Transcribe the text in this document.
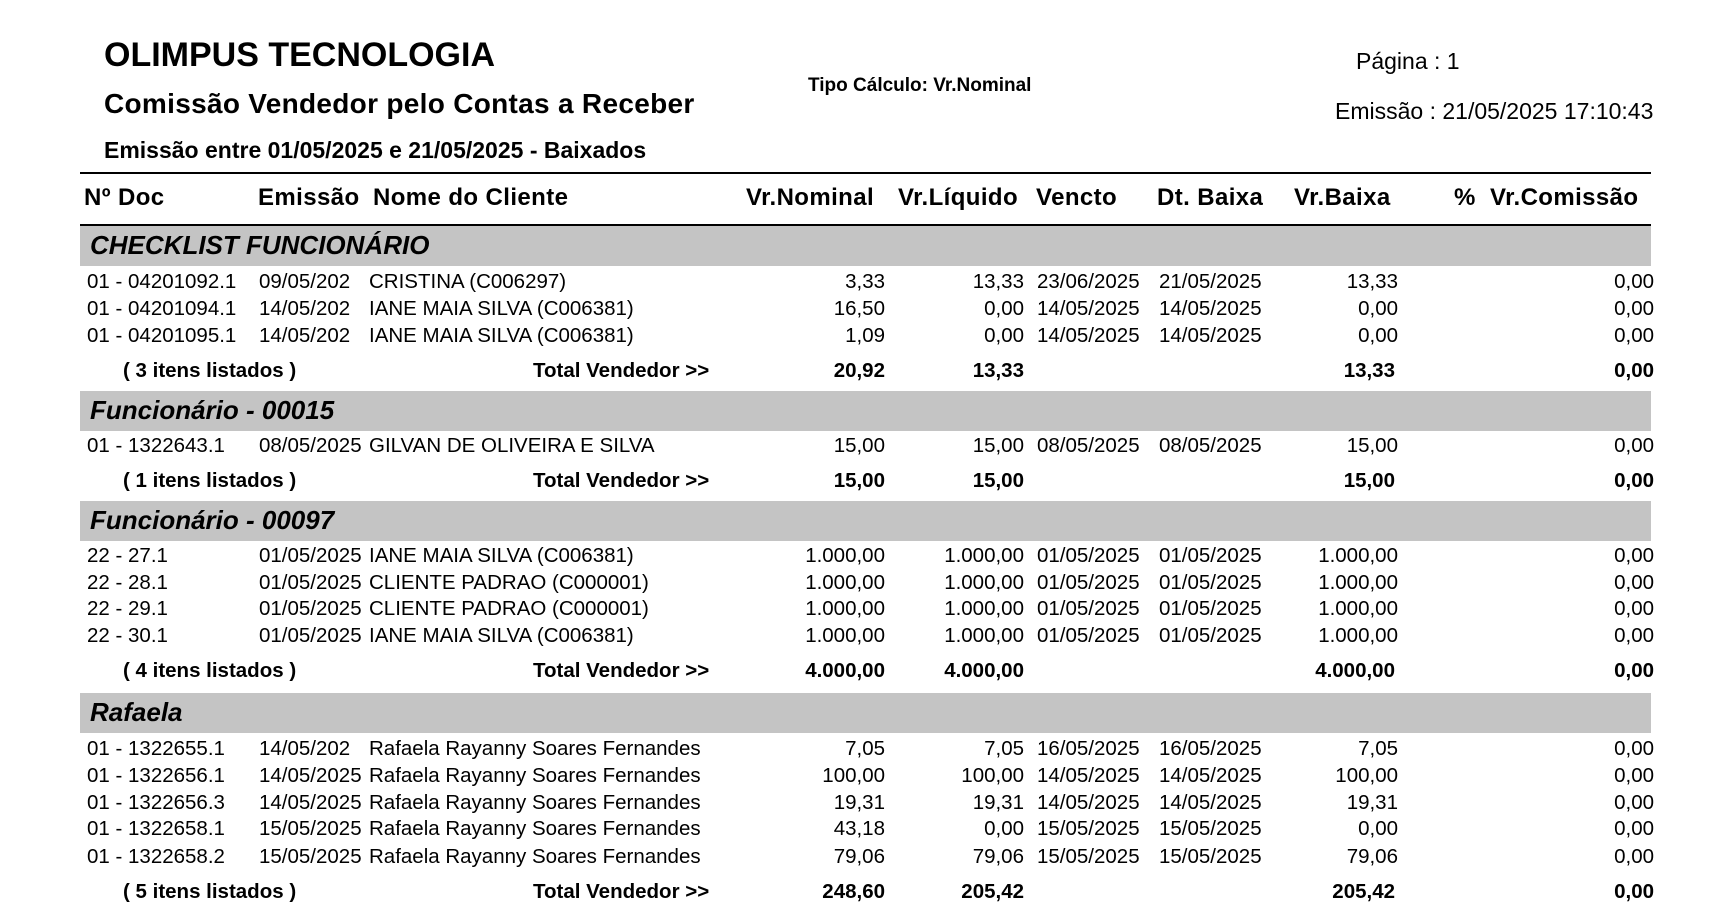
OLIMPUS TECNOLOGIA
Comissão Vendedor pelo Contas a Receber
Emissão entre 01/05/2025 e 21/05/2025 - Baixados
Tipo Cálculo: Vr.Nominal
Página : 1
Emissão : 21/05/2025 17:10:43
Nº Doc	Emissão Nome do Cliente	Vr.Nominal Vr.Líquido Vencto Dt. Baixa Vr.Baixa	% Vr.Comissão
CHECKLIST FUNCIONÁRIO
01 - 04201092.1 09/05/202 CRISTINA (C006297)	3,33	13,33 23/06/2025 21/05/2025	13,33	0,00
01 - 04201094.1 14/05/202 IANE MAIA SILVA (C006381)	16,50	0,00 14/05/2025 14/05/2025	0,00	0,00
01 - 04201095.1 14/05/202 IANE MAIA SILVA (C006381)	1,09	0,00 14/05/2025 14/05/2025	0,00	0,00
( 3 itens listados )	Total Vendedor >>	20,92	13,33	13,33	0,00
Funcionário - 00015
01 - 1322643.1 08/05/2025 GILVAN DE OLIVEIRA E SILVA	15,00	15,00 08/05/2025 08/05/2025	15,00	0,00
( 1 itens listados )	Total Vendedor >>	15,00	15,00	15,00	0,00
Funcionário - 00097
22 - 27.1	01/05/2025 IANE MAIA SILVA (C006381)	1.000,00	1.000,00 01/05/2025 01/05/2025	1.000,00	0,00
22 - 28.1	01/05/2025 CLIENTE PADRAO (C000001)	1.000,00	1.000,00 01/05/2025 01/05/2025	1.000,00	0,00
22 - 29.1	01/05/2025 CLIENTE PADRAO (C000001)	1.000,00	1.000,00 01/05/2025 01/05/2025	1.000,00	0,00
22 - 30.1	01/05/2025 IANE MAIA SILVA (C006381)	1.000,00	1.000,00 01/05/2025 01/05/2025	1.000,00	0,00
( 4 itens listados )	Total Vendedor >>	4.000,00	4.000,00	4.000,00	0,00
Rafaela
01 - 1322655.1 14/05/202 Rafaela Rayanny Soares Fernandes	7,05	7,05 16/05/2025 16/05/2025	7,05	0,00
01 - 1322656.1 14/05/2025 Rafaela Rayanny Soares Fernandes	100,00	100,00 14/05/2025 14/05/2025	100,00	0,00
01 - 1322656.3 14/05/2025 Rafaela Rayanny Soares Fernandes	19,31	19,31 14/05/2025 14/05/2025	19,31	0,00
01 - 1322658.1 15/05/2025 Rafaela Rayanny Soares Fernandes	43,18	0,00 15/05/2025 15/05/2025	0,00	0,00
01 - 1322658.2 15/05/2025 Rafaela Rayanny Soares Fernandes	79,06	79,06 15/05/2025 15/05/2025	79,06	0,00
( 5 itens listados )	Total Vendedor >>	248,60	205,42	205,42	0,00
